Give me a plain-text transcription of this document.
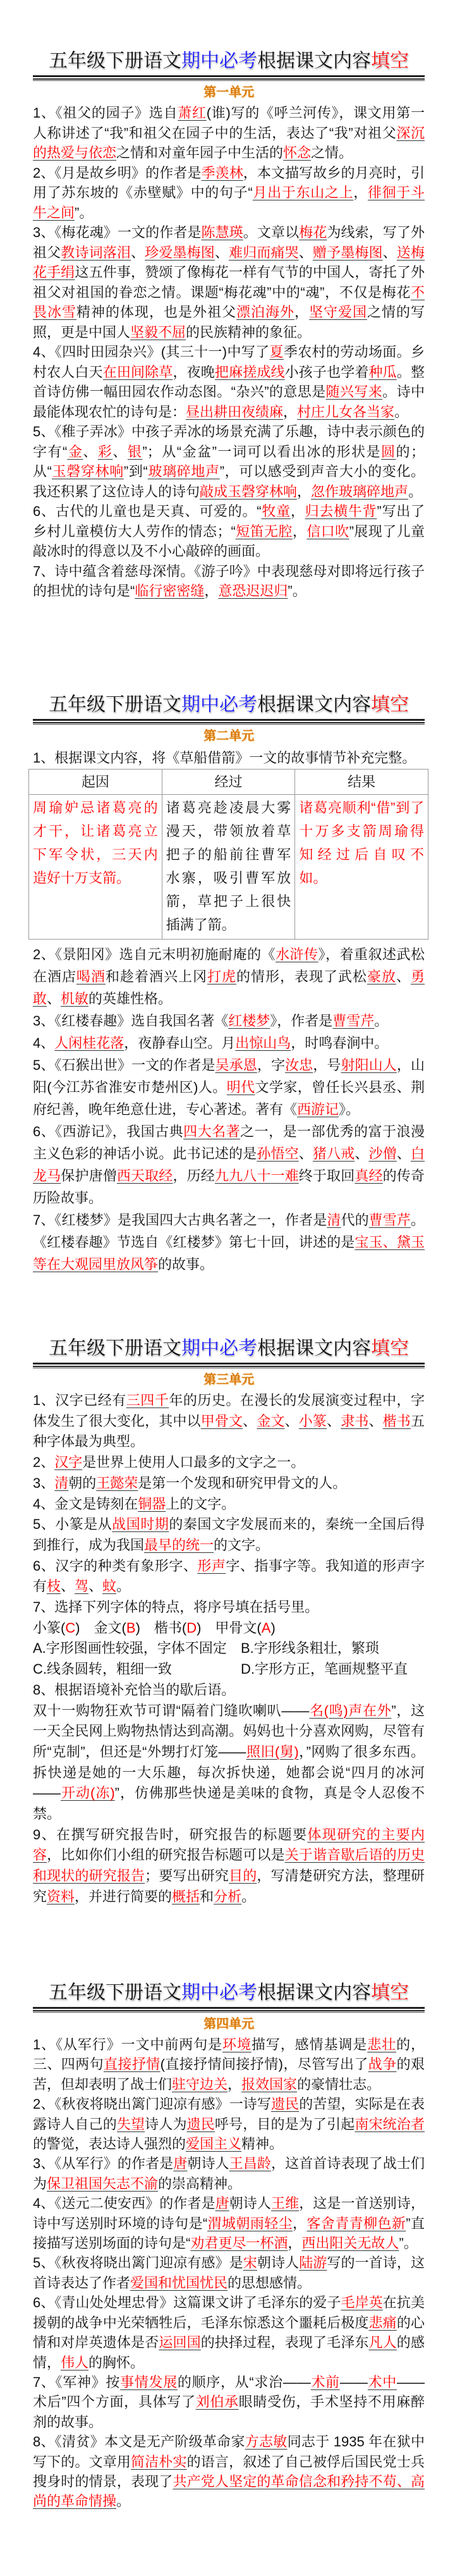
五年级下册语文期中必考根据课文内容填空
第一单元

1、《祖父的园子》选自萧红(谁)写的《呼兰河传》，课文用第一人称讲述了“我”和祖父在园子中的生活，表达了“我”对祖父深沉的热爱与依恋之情和对童年园子中生活的怀念之情。

2、《月是故乡明》的作者是季羡林，本文描写故乡的月亮时，引用了苏东坡的《赤壁赋》中的句子“月出于东山之上，徘徊于斗牛之间”。

3、《梅花魂》一文的作者是陈慧瑛。文章以梅花为线索，写了外祖父教诗词落泪、珍爱墨梅图、难归而痛哭、赠予墨梅图、送梅花手绢这五件事，赞颂了像梅花一样有气节的中国人，寄托了外祖父对祖国的眷恋之情。课题“梅花魂”中的“魂”，不仅是梅花不畏冰雪精神的体现，也是外祖父漂泊海外，坚守爱国之情的写照，更是中国人坚毅不屈的民族精神的象征。

4、《四时田园杂兴》(其三十一)中写了夏季农村的劳动场面。乡村农人白天在田间除草，夜晚把麻搓成线小孩子也学着种瓜。整首诗仿佛一幅田园农作动态图。“杂兴”的意思是随兴写来。诗中最能体现农忙的诗句是：昼出耕田夜绩麻，村庄儿女各当家。

5、《稚子弄冰》中孩子弄冰的场景充满了乐趣，诗中表示颜色的字有“金、彩、银”；从“金盆”一词可以看出冰的形状是圆的；从“玉磬穿林响”到“玻璃碎地声”，可以感受到声音大小的变化。我还积累了这位诗人的诗句敲成玉磬穿林响，忽作玻璃碎地声。

6、古代的儿童也是天真、可爱的。“牧童，归去横牛背”写出了乡村儿童模仿大人劳作的情态；“短笛无腔，信口吹”展现了儿童敲冰时的得意以及不小心敲碎的画面。

7、诗中蕴含着慈母深情。《游子吟》中表现慈母对即将远行孩子的担忧的诗句是“临行密密缝，意恐迟迟归”。

五年级下册语文期中必考根据课文内容填空
第二单元

1、根据课文内容，将《草船借箭》一文的故事情节补充完整。

起因	经过	结果
周瑜妒忌诸葛亮的才干，让诸葛亮立下军令状，三天内造好十万支箭。	诸葛亮趁凌晨大雾漫天，带领放着草把子的船前往曹军水寨，吸引曹军放箭，草把子上很快插满了箭。	诸葛亮顺利“借”到了十万多支箭周瑜得知经过后自叹不如。

2、《景阳冈》选自元末明初施耐庵的《水浒传》，着重叙述武松在酒店喝酒和趁着酒兴上冈打虎的情形，表现了武松豪放、勇敢、机敏的英雄性格。

3、《红楼春趣》选自我国名著《红楼梦》，作者是曹雪芹。

4、人闲桂花落，夜静春山空。月出惊山鸟，时鸣春涧中。

5、《石猴出世》一文的作者是吴承恩，字汝忠，号射阳山人，山阳(今江苏省淮安市楚州区)人。明代文学家，曾任长兴县丞、荆府纪善，晚年绝意仕进，专心著述。著有《西游记》。

6、《西游记》，我国古典四大名著之一，是一部优秀的富于浪漫主义色彩的神话小说。此书记述的是孙悟空、猪八戒、沙僧、白龙马保护唐僧西天取经，历经九九八十一难终于取回真经的传奇历险故事。

7、《红楼梦》是我国四大古典名著之一，作者是清代的曹雪芹。《红楼春趣》节选自《红楼梦》第七十回，讲述的是宝玉、黛玉等在大观园里放风筝的故事。

五年级下册语文期中必考根据课文内容填空
第三单元

1、汉字已经有三四千年的历史。在漫长的发展演变过程中，字体发生了很大变化，其中以甲骨文、金文、小篆、隶书、楷书五种字体最为典型。

2、汉字是世界上使用人口最多的文字之一。

3、清朝的王懿荣是第一个发现和研究甲骨文的人。

4、金文是铸刻在铜器上的文字。

5、小篆是从战国时期的秦国文字发展而来的，秦统一全国后得到推行，成为我国最早的统一的文字。

6、汉字的种类有象形字、形声字、指事字等。我知道的形声字有枝、驾、蚊。

7、选择下列字体的特点，将序号填在括号里。

小篆(C)　金文(B)　楷书(D)　甲骨文(A)

A.字形图画性较强，字体不固定	B.字形线条粗壮，繁琐
C.线条圆转，粗细一致	D.字形方正，笔画规整平直

8、根据语境补充恰当的歇后语。

双十一购物狂欢节可谓“隔着门缝吹喇叭——名(鸣)声在外”，这一天全民网上购物热情达到高潮。妈妈也十分喜欢网购，尽管有所“克制”，但还是“外甥打灯笼——照旧(舅)，”网购了很多东西。拆快递是她的一大乐趣，每次拆快递，她都会说“四月的冰河——开动(冻)”，仿佛那些快递是美味的食物，真是令人忍俊不禁。

9、在撰写研究报告时，研究报告的标题要体现研究的主要内容，比如你们小组的研究报告标题可以是关于谐音歇后语的历史和现状的研究报告；要写出研究目的，写清楚研究方法，整理研究资料，并进行简要的概括和分析。

五年级下册语文期中必考根据课文内容填空
第四单元

1、《从军行》一文中前两句是环境描写，感情基调是悲壮的，三、四两句直接抒情(直接抒情间接抒情)，尽管写出了战争的艰苦，但却表明了战士们驻守边关，报效国家的豪情壮志。

2、《秋夜将晓出篱门迎凉有感》一诗写遗民的苦望，实际是在表露诗人自己的失望诗人为遗民呼号，目的是为了引起南宋统治者的警觉，表达诗人强烈的爱国主义精神。

3、《从军行》的作者是唐朝诗人王昌龄，这首首诗表现了战士们为保卫祖国矢志不渝的崇高精神。

4、《送元二使安西》的作者是唐朝诗人王维，这是一首送别诗，诗中写送别时环境的诗句是“渭城朝雨轻尘，客舍青青柳色新”直接描写送别场面的诗句是“劝君更尽一杯酒，西出阳关无故人”。

5、《秋夜将晓出篱门迎凉有感》是宋朝诗人陆游写的一首诗，这首诗表达了作者爱国和忧国忧民的思想感情。

6、《青山处处埋忠骨》这篇课文讲了毛泽东的爱子毛岸英在抗美援朝的战争中光荣牺牲后，毛泽东惊悉这个噩耗后极度悲痛的心情和对岸英遗体是否运回国的抉择过程，表现了毛泽东凡人的感情，伟人的胸怀。

7、《军神》按事情发展的顺序，从“求治——术前——术中——术后”四个方面，具体写了刘伯承眼睛受伤，手术坚持不用麻醉剂的故事。

8、《清贫》本文是无产阶级革命家方志敏同志于 1935 年在狱中写下的。文章用简洁朴实的语言，叙述了自己被俘后国民党士兵搜身时的情景，表现了共产党人坚定的革命信念和矜持不苟、高尚的革命情操。
